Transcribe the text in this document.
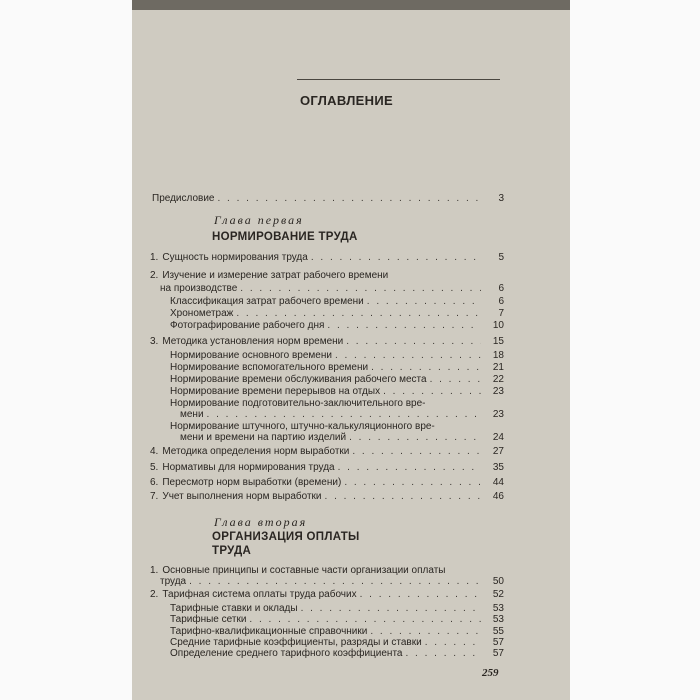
ОГЛАВЛЕНИЕ
Предисловие . . .	3
Глава первая
НОРМИРОВАНИЕ ТРУДА
1. Сущность нормирования труда . . .	5
2. Изучение и измерение затрат рабочего времени
на производстве . . .	6
Классификация затрат рабочего времени . . .	6
Хронометраж . . .	7
Фотографирование рабочего дня . . .	10
3. Методика установления норм времени . . .	15
Нормирование основного времени . . .	18
Нормирование вспомогательного времени . . .	21
Нормирование времени обслуживания рабочего места . . .	22
Нормирование времени перерывов на отдых . . .	23
Нормирование подготовительно-заключительного вре-
мени . . .	23
Нормирование штучного, штучно-калькуляционного вре-
мени и времени на партию изделий . . .	24
4. Методика определения норм выработки . . .	27
5. Нормативы для нормирования труда . . .	35
6. Пересмотр норм выработки (времени) . . .	44
7. Учет выполнения норм выработки . . .	46
Глава вторая
ОРГАНИЗАЦИЯ ОПЛАТЫ
ТРУДА
1. Основные принципы и составные части организации оплаты
труда . . .	50
2. Тарифная система оплаты труда рабочих . . .	52
Тарифные ставки и оклады . . .	53
Тарифные сетки . . .	53
Тарифно-квалификационные справочники . . .	55
Средние тарифные коэффициенты, разряды и ставки . . .	57
Определение среднего тарифного коэффициента . . .	57
259
